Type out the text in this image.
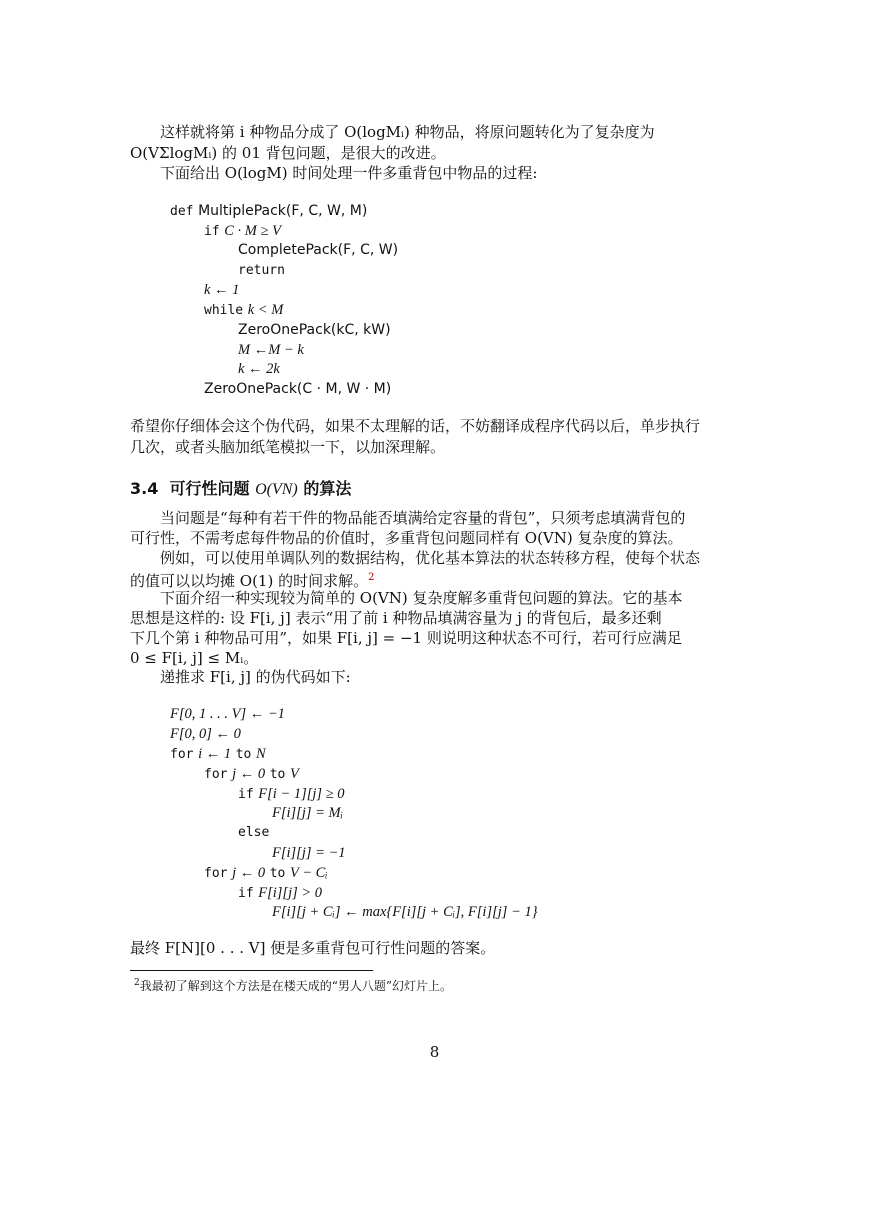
这样就将第 i 种物品分成了 O(logMᵢ) 种物品，将原问题转化为了复杂度为
O(VΣlogMᵢ) 的 01 背包问题，是很大的改进。
下面给出 O(logM) 时间处理一件多重背包中物品的过程:
def MultiplePack(F, C, W, M)
if C · M ≥ V
CompletePack(F, C, W)
return
k ← 1
while k < M
ZeroOnePack(kC, kW)
M ←M − k
k ← 2k
ZeroOnePack(C · M, W · M)
希望你仔细体会这个伪代码，如果不太理解的话，不妨翻译成程序代码以后，单步执行
几次，或者头脑加纸笔模拟一下，以加深理解。
3.4 可行性问题 O(VN) 的算法
当问题是“每种有若干件的物品能否填满给定容量的背包”，只须考虑填满背包的
可行性，不需考虑每件物品的价值时，多重背包问题同样有 O(VN) 复杂度的算法。
例如，可以使用单调队列的数据结构，优化基本算法的状态转移方程，使每个状态
的值可以以均摊 O(1) 的时间求解。$^2$
下面介绍一种实现较为简单的 O(VN) 复杂度解多重背包问题的算法。它的基本
思想是这样的: 设 F[i, j] 表示“用了前 i 种物品填满容量为 j 的背包后，最多还剩
下几个第 i 种物品可用”，如果 F[i, j] = −1 则说明这种状态不可行，若可行应满足
0 ≤ F[i, j] ≤ Mᵢ。
递推求 F[i, j] 的伪代码如下:
F[0, 1 . . . V] ← −1
F[0, 0] ← 0
for i ← 1 to N
for j ← 0 to V
if F[i − 1][j] ≥ 0
F[i][j] = Mᵢ
else
F[i][j] = −1
for j ← 0 to V − Cᵢ
if F[i][j] > 0
F[i][j + Cᵢ] ← max{F[i][j + Cᵢ], F[i][j] − 1}
最终 F[N][0 . . . V] 便是多重背包可行性问题的答案。
$^2$我最初了解到这个方法是在楼天成的“男人八题”幻灯片上。
8
